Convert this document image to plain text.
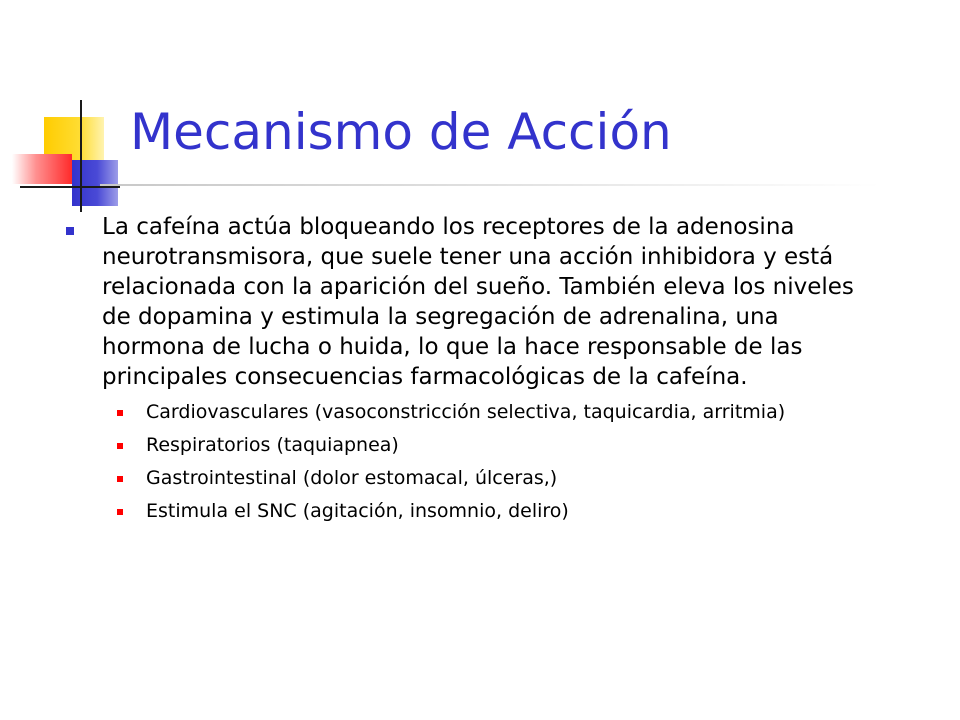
Mecanismo de Acción

La cafeína actúa bloqueando los receptores de la adenosina neurotransmisora, que suele tener una acción inhibidora y está relacionada con la aparición del sueño. También eleva los niveles de dopamina y estimula la segregación de adrenalina, una hormona de lucha o huida, lo que la hace responsable de las principales consecuencias farmacológicas de la cafeína.

Cardiovasculares (vasoconstricción selectiva, taquicardia, arritmia)
Respiratorios (taquiapnea)
Gastrointestinal (dolor estomacal, úlceras,)
Estimula el SNC (agitación, insomnio, deliro)
